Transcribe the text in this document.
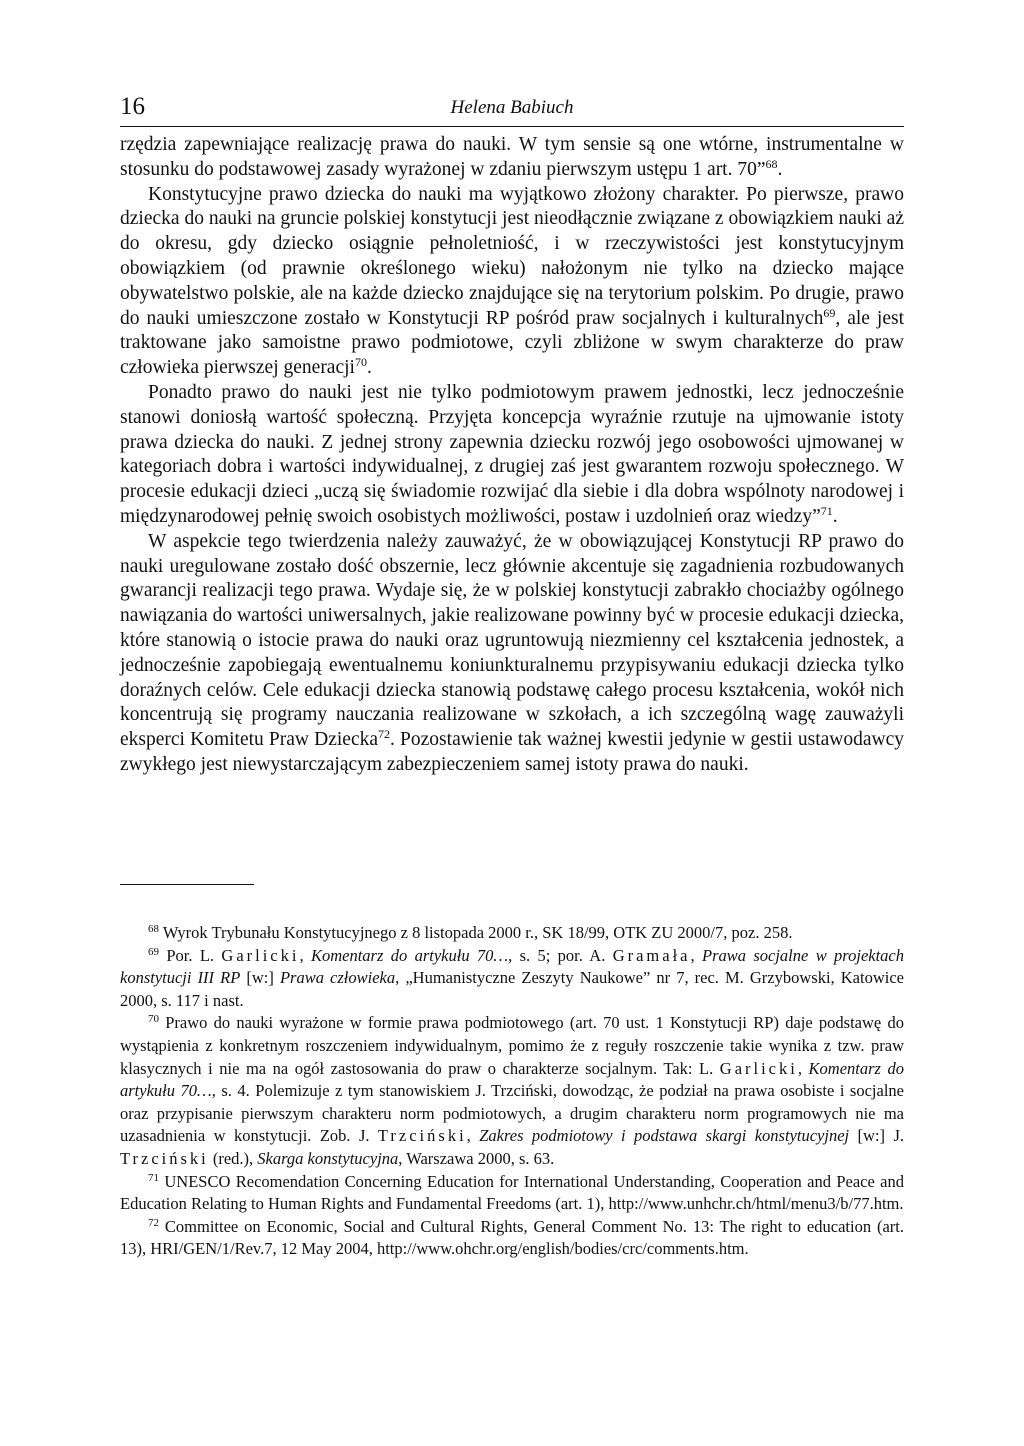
16	Helena Babiuch

rzędzia zapewniające realizację prawa do nauki. W tym sensie są one wtórne, instrumentalne w stosunku do podstawowej zasady wyrażonej w zdaniu pierwszym ustępu 1 art. 70”$^{68}$.

Konstytucyjne prawo dziecka do nauki ma wyjątkowo złożony charakter. Po pierwsze, prawo dziecka do nauki na gruncie polskiej konstytucji jest nieodłącznie związane z obowiązkiem nauki aż do okresu, gdy dziecko osiągnie pełnoletniość, i w rzeczywistości jest konstytucyjnym obowiązkiem (od prawnie określonego wieku) nałożonym nie tylko na dziecko mające obywatelstwo polskie, ale na każde dziecko znajdujące się na terytorium polskim. Po drugie, prawo do nauki umieszczone zostało w Konstytucji RP pośród praw socjalnych i kulturalnych$^{69}$, ale jest traktowane jako samoistne prawo podmiotowe, czyli zbliżone w swym charakterze do praw człowieka pierwszej generacji$^{70}$.

Ponadto prawo do nauki jest nie tylko podmiotowym prawem jednostki, lecz jednocześnie stanowi doniosłą wartość społeczną. Przyjęta koncepcja wyraźnie rzutuje na ujmowanie istoty prawa dziecka do nauki. Z jednej strony zapewnia dziecku rozwój jego osobowości ujmowanej w kategoriach dobra i wartości indywidualnej, z drugiej zaś jest gwarantem rozwoju społecznego. W procesie edukacji dzieci „uczą się świadomie rozwijać dla siebie i dla dobra wspólnoty narodowej i międzynarodowej pełnię swoich osobistych możliwości, postaw i uzdolnień oraz wiedzy”$^{71}$.

W aspekcie tego twierdzenia należy zauważyć, że w obowiązującej Konstytucji RP prawo do nauki uregulowane zostało dość obszernie, lecz głównie akcentuje się zagadnienia rozbudowanych gwarancji realizacji tego prawa. Wydaje się, że w polskiej konstytucji zabrakło chociażby ogólnego nawiązania do wartości uniwersalnych, jakie realizowane powinny być w procesie edukacji dziecka, które stanowią o istocie prawa do nauki oraz ugruntowują niezmienny cel kształcenia jednostek, a jednocześnie zapobiegają ewentualnemu koniunkturalnemu przypisywaniu edukacji dziecka tylko doraźnych celów. Cele edukacji dziecka stanowią podstawę całego procesu kształcenia, wokół nich koncentrują się programy nauczania realizowane w szkołach, a ich szczególną wagę zauważyli eksperci Komitetu Praw Dziecka$^{72}$. Pozostawienie tak ważnej kwestii jedynie w gestii ustawodawcy zwykłego jest niewystarczającym zabezpieczeniem samej istoty prawa do nauki.

$^{68}$ Wyrok Trybunału Konstytucyjnego z 8 listopada 2000 r., SK 18/99, OTK ZU 2000/7, poz. 258.

$^{69}$ Por. L. Garlicki, Komentarz do artykułu 70…, s. 5; por. A. Gramała, Prawa socjalne w projektach konstytucji III RP [w:] Prawa człowieka, „Humanistyczne Zeszyty Naukowe” nr 7, rec. M. Grzybowski, Katowice 2000, s. 117 i nast.

$^{70}$ Prawo do nauki wyrażone w formie prawa podmiotowego (art. 70 ust. 1 Konstytucji RP) daje podstawę do wystąpienia z konkretnym roszczeniem indywidualnym, pomimo że z reguły roszczenie takie wynika z tzw. praw klasycznych i nie ma na ogół zastosowania do praw o charakterze socjalnym. Tak: L. Garlicki, Komentarz do artykułu 70…, s. 4. Polemizuje z tym stanowiskiem J. Trzciński, dowodząc, że podział na prawa osobiste i socjalne oraz przypisanie pierwszym charakteru norm podmiotowych, a drugim charakteru norm programowych nie ma uzasadnienia w konstytucji. Zob. J. Trzciński, Zakres podmiotowy i podstawa skargi konstytucyjnej [w:] J. Trzciński (red.), Skarga konstytucyjna, Warszawa 2000, s. 63.

$^{71}$ UNESCO Recomendation Concerning Education for International Understanding, Cooperation and Peace and Education Relating to Human Rights and Fundamental Freedoms (art. 1), http://www.unhchr.ch/html/menu3/b/77.htm.

$^{72}$ Committee on Economic, Social and Cultural Rights, General Comment No. 13: The right to education (art. 13), HRI/GEN/1/Rev.7, 12 May 2004, http://www.ohchr.org/english/bodies/crc/comments.htm.
